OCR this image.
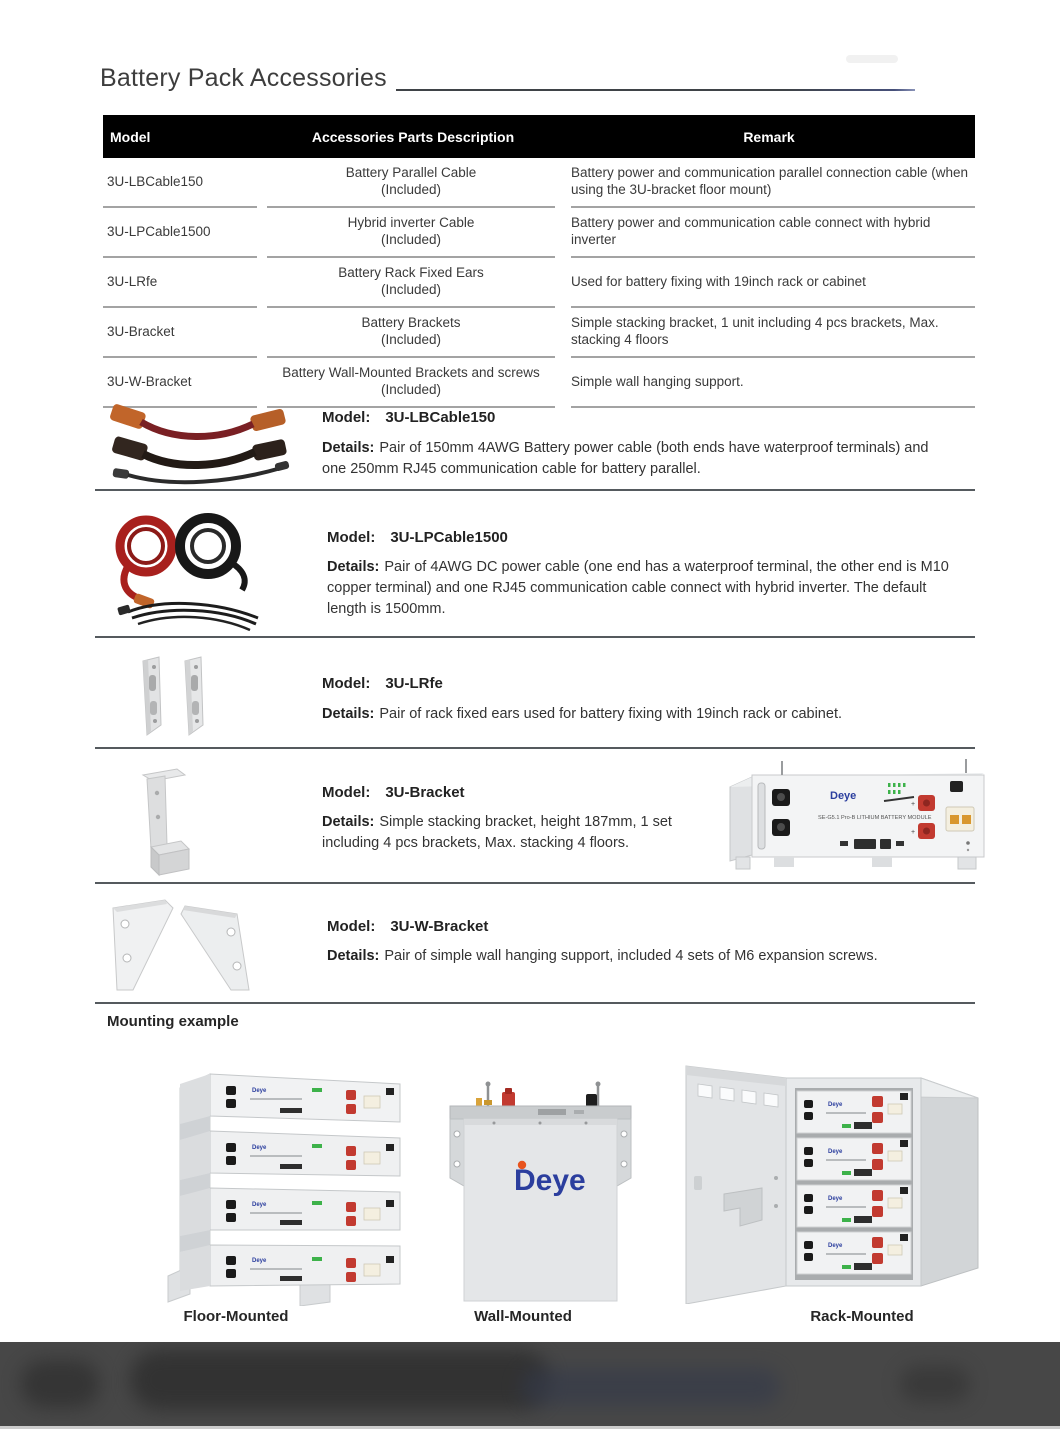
Battery Pack Accessories
Model	Accessories Parts Description	Remark
3U-LBCable150
Battery Parallel Cable
(Included)
Battery power and communication parallel connection cable (when using the 3U-bracket floor mount)
3U-LPCable1500
Hybrid inverter Cable
(Included)
Battery power and communication cable connect with hybrid inverter
3U-LRfe
Battery Rack Fixed Ears
(Included)
Used for battery fixing with 19inch rack or cabinet
3U-Bracket
Battery Brackets
(Included)
Simple stacking bracket, 1 unit including 4 pcs brackets, Max. stacking 4 floors
3U-W-Bracket
Battery Wall-Mounted Brackets and screws
(Included)
Simple wall hanging support.
Model: 3U-LBCable150
Details: Pair of 150mm 4AWG Battery power cable (both ends have waterproof terminals) and one 250mm RJ45 communication cable for battery parallel.
Model: 3U-LPCable1500
Details: Pair of 4AWG DC power cable (one end has a waterproof terminal, the other end is M10 copper terminal) and one RJ45 communication cable connect with hybrid inverter. The default length is 1500mm.
Model: 3U-LRfe
Details: Pair of rack fixed ears used for battery fixing with 19inch rack or cabinet.
Model: 3U-Bracket
Details: Simple stacking bracket, height 187mm, 1 set including 4 pcs brackets, Max. stacking 4 floors.
Deye
SE-G5.1 Pro-B LITHIUM BATTERY MODULE
+
+
Model: 3U-W-Bracket
Details: Pair of simple wall hanging support, included 4 sets of M6 expansion screws.
Mounting example
Deye
Deye
Deye
Deye
Floor-Mounted
Deye
Wall-Mounted
Deye
Deye
Deye
Deye
Rack-Mounted
